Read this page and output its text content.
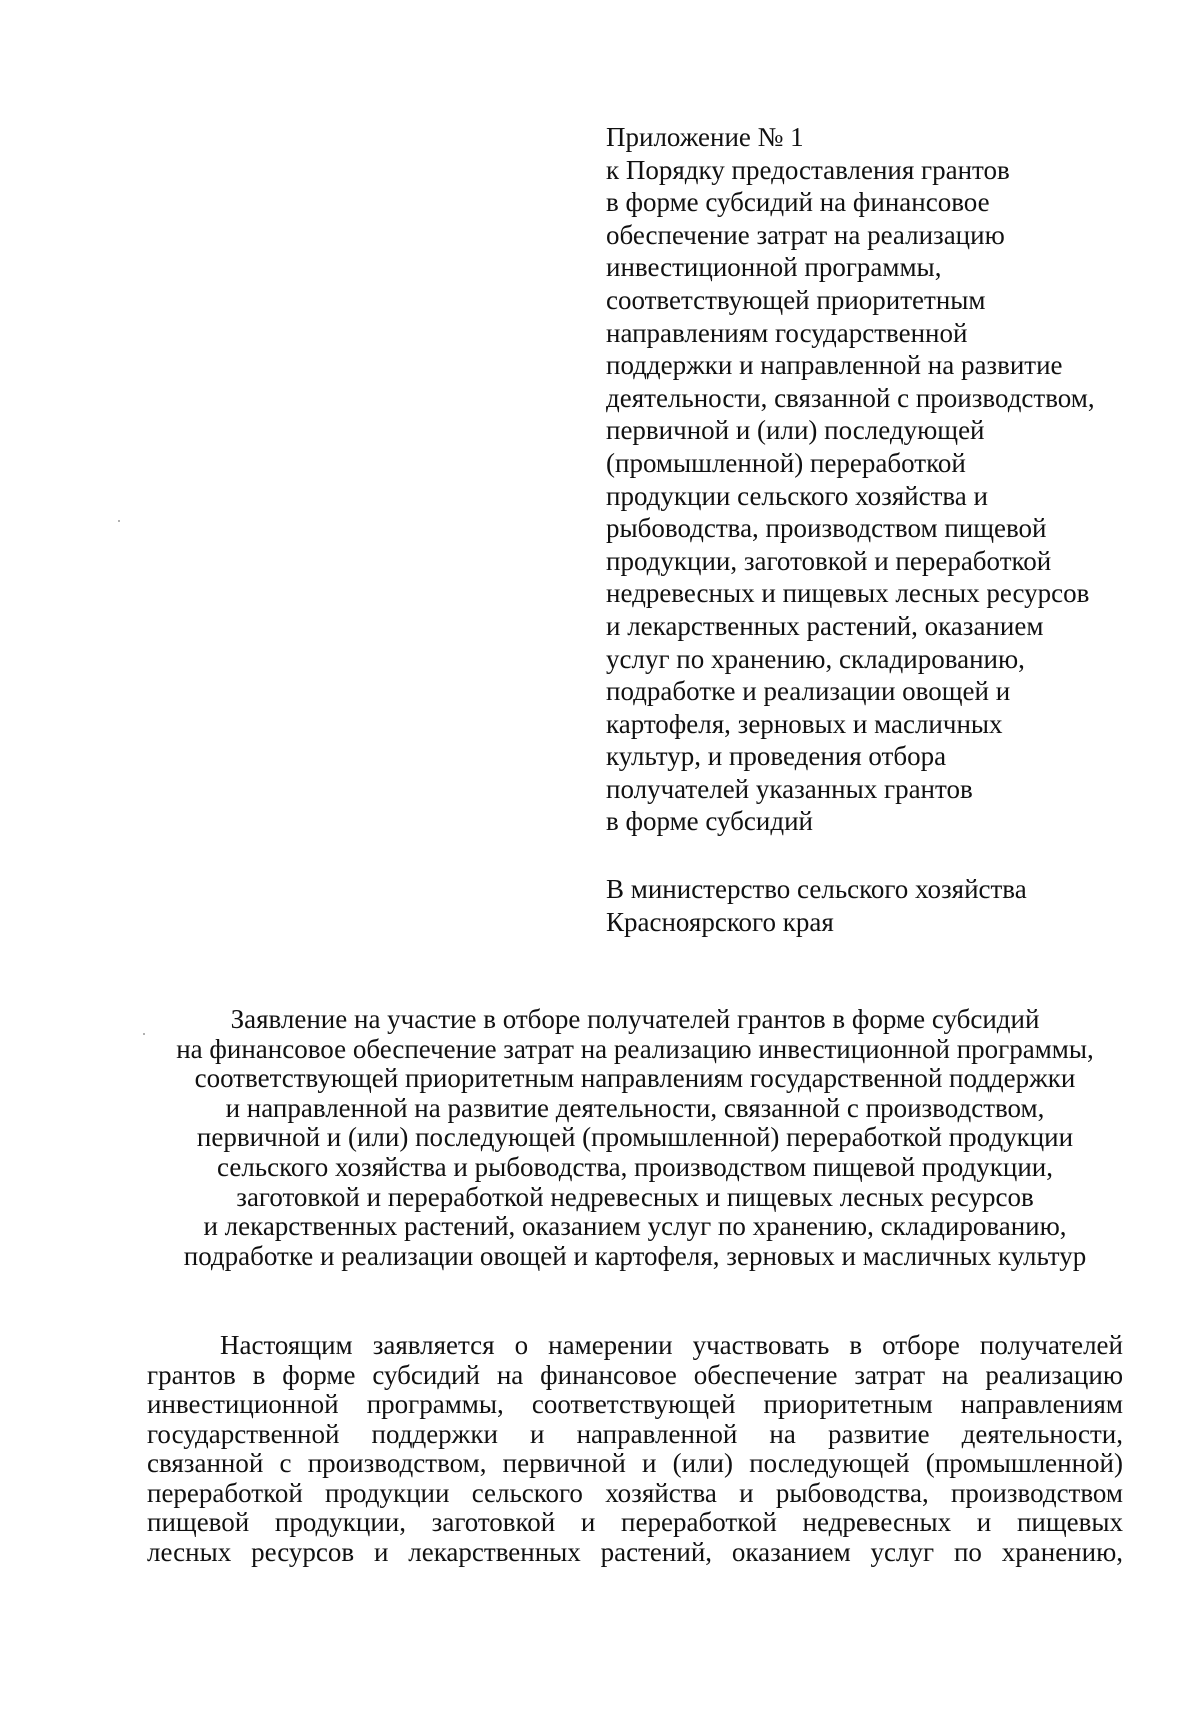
Приложение № 1
к Порядку предоставления грантов
в форме субсидий на финансовое
обеспечение затрат на реализацию
инвестиционной программы,
соответствующей приоритетным
направлениям государственной
поддержки и направленной на развитие
деятельности, связанной с производством,
первичной и (или) последующей
(промышленной) переработкой
продукции сельского хозяйства и
рыбоводства, производством пищевой
продукции, заготовкой и переработкой
недревесных и пищевых лесных ресурсов
и лекарственных растений, оказанием
услуг по хранению, складированию,
подработке и реализации овощей и
картофеля, зерновых и масличных
культур, и проведения отбора
получателей указанных грантов
в форме субсидий
В министерство сельского хозяйства
Красноярского края
Заявление на участие в отборе получателей грантов в форме субсидий
на финансовое обеспечение затрат на реализацию инвестиционной программы,
соответствующей приоритетным направлениям государственной поддержки
и направленной на развитие деятельности, связанной с производством,
первичной и (или) последующей (промышленной) переработкой продукции
сельского хозяйства и рыбоводства, производством пищевой продукции,
заготовкой и переработкой недревесных и пищевых лесных ресурсов
и лекарственных растений, оказанием услуг по хранению, складированию,
подработке и реализации овощей и картофеля, зерновых и масличных культур
Настоящим заявляется о намерении участвовать в отборе получателей
грантов в форме субсидий на финансовое обеспечение затрат на реализацию
инвестиционной программы, соответствующей приоритетным направлениям
государственной поддержки и направленной на развитие деятельности,
связанной с производством, первичной и (или) последующей (промышленной)
переработкой продукции сельского хозяйства и рыбоводства, производством
пищевой продукции, заготовкой и переработкой недревесных и пищевых
лесных ресурсов и лекарственных растений, оказанием услуг по хранению,
